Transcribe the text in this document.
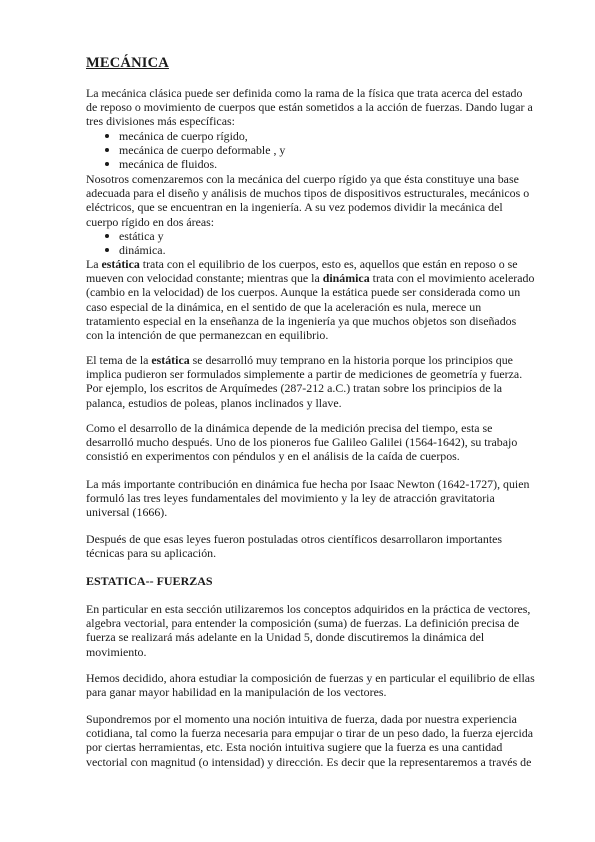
MECÁNICA

La mecánica clásica puede ser definida como la rama de la física que trata acerca del estado de reposo o movimiento de cuerpos que están sometidos a la acción de fuerzas. Dando lugar a tres divisiones más específicas:

mecánica de cuerpo rígido,
mecánica de cuerpo deformable , y
mecánica de fluidos.

Nosotros comenzaremos con la mecánica del cuerpo rígido ya que ésta constituye una base adecuada para el diseño y análisis de muchos tipos de dispositivos estructurales, mecánicos o eléctricos, que se encuentran en la ingeniería. A su vez podemos dividir la mecánica del cuerpo rígido en dos áreas:

estática y
dinámica.

La estática trata con el equilibrio de los cuerpos, esto es, aquellos que están en reposo o se mueven con velocidad constante; mientras que la dinámica trata con el movimiento acelerado (cambio en la velocidad) de los cuerpos. Aunque la estática puede ser considerada como un caso especial de la dinámica, en el sentido de que la aceleración es nula, merece un tratamiento especial en la enseñanza de la ingeniería ya que muchos objetos son diseñados con la intención de que permanezcan en equilibrio.

El tema de la estática se desarrolló muy temprano en la historia porque los principios que implica pudieron ser formulados simplemente a partir de mediciones de geometría y fuerza. Por ejemplo, los escritos de Arquímedes (287-212 a.C.) tratan sobre los principios de la palanca, estudios de poleas, planos inclinados y llave.

Como el desarrollo de la dinámica depende de la medición precisa del tiempo, esta se desarrolló mucho después. Uno de los pioneros fue Galileo Galilei (1564-1642), su trabajo consistió en experimentos con péndulos y en el análisis de la caída de cuerpos.

La más importante contribución en dinámica fue hecha por Isaac Newton (1642-1727), quien formuló las tres leyes fundamentales del movimiento y la ley de atracción gravitatoria universal (1666).

Después de que esas leyes fueron postuladas otros científicos desarrollaron importantes técnicas para su aplicación.

ESTATICA-- FUERZAS

En particular en esta sección utilizaremos los conceptos adquiridos en la práctica de vectores, algebra vectorial, para entender la composición (suma) de fuerzas. La definición precisa de fuerza se realizará más adelante en la Unidad 5, donde discutiremos la dinámica del movimiento.

Hemos decidido, ahora estudiar la composición de fuerzas y en particular el equilibrio de ellas para ganar mayor habilidad en la manipulación de los vectores.

Supondremos por el momento una noción intuitiva de fuerza, dada por nuestra experiencia cotidiana, tal como la fuerza necesaria para empujar o tirar de un peso dado, la fuerza ejercida por ciertas herramientas, etc. Esta noción intuitiva sugiere que la fuerza es una cantidad vectorial con magnitud (o intensidad) y dirección. Es decir que la representaremos a través de
